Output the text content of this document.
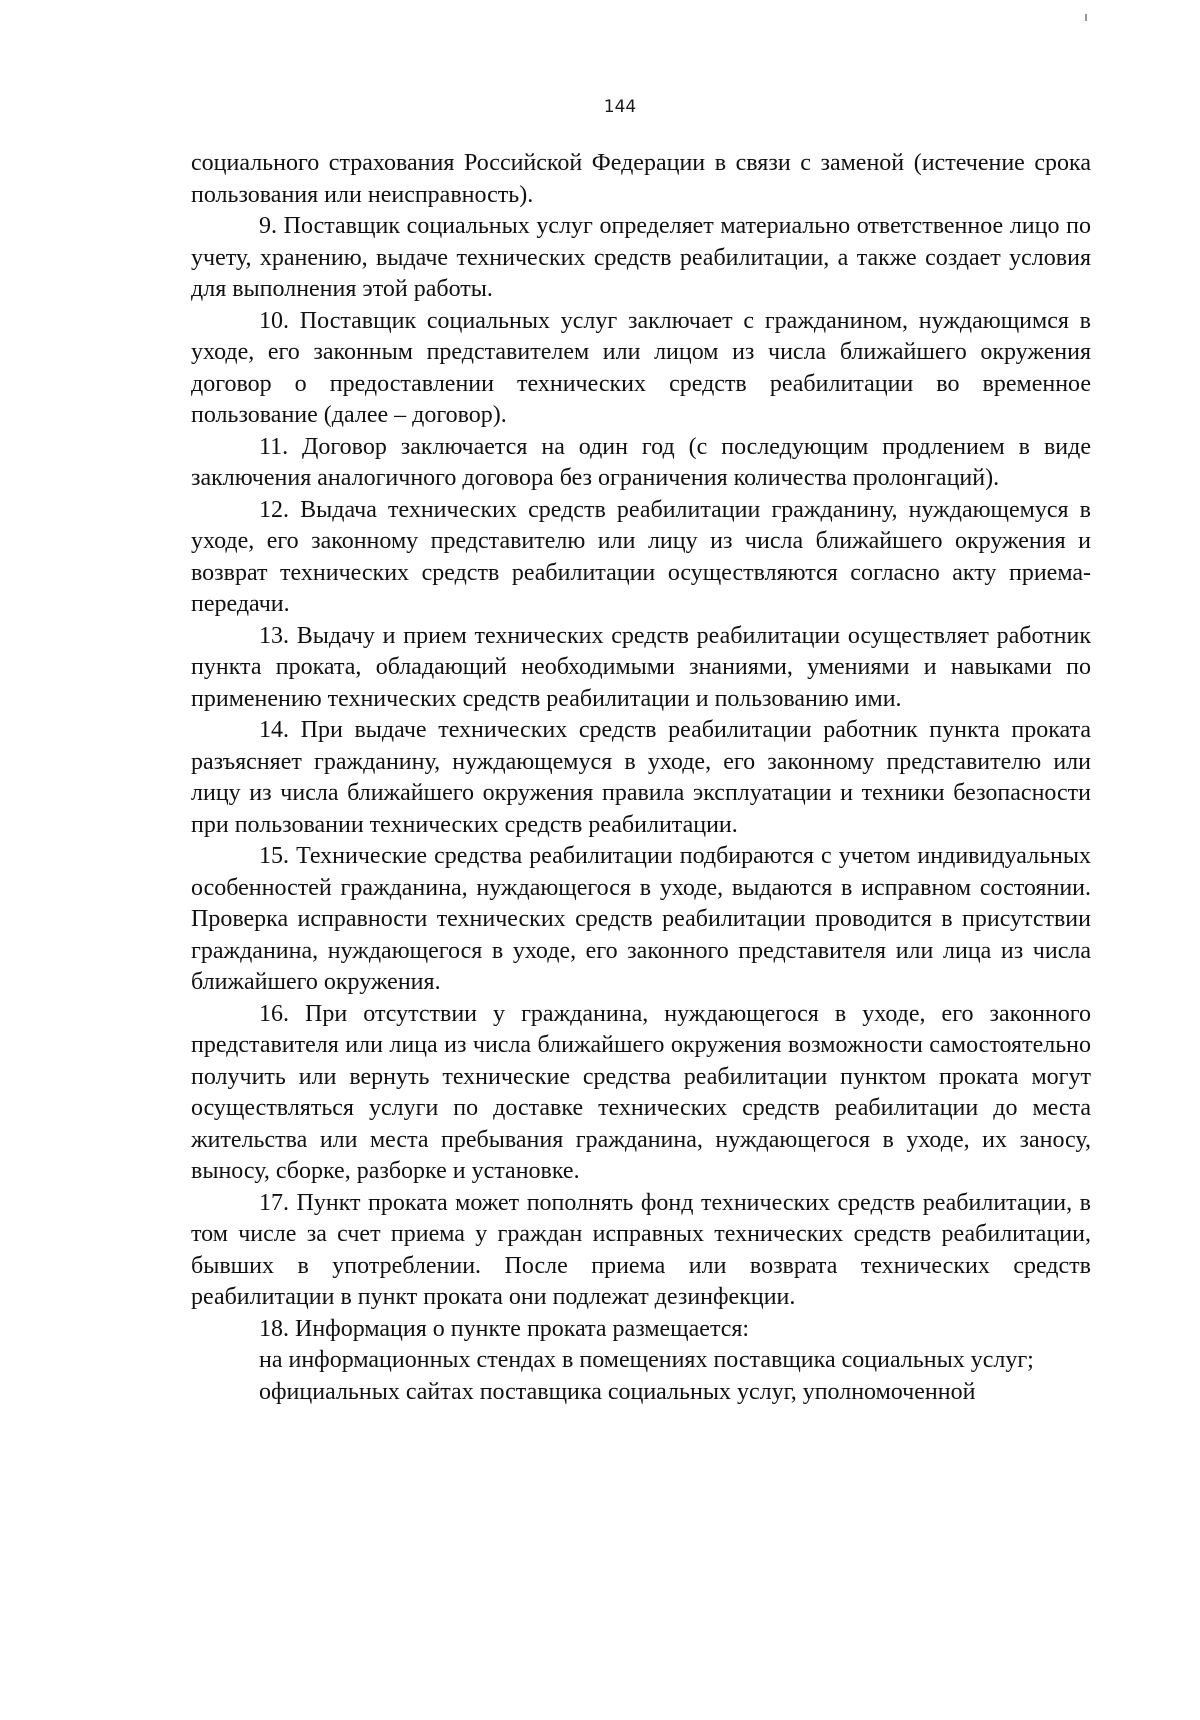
144

социального страхования Российской Федерации в связи с заменой (истечение срока пользования или неисправность).

9. Поставщик социальных услуг определяет материально ответственное лицо по учету, хранению, выдаче технических средств реабилитации, а также создает условия для выполнения этой работы.

10. Поставщик социальных услуг заключает с гражданином, нуждающимся в уходе, его законным представителем или лицом из числа ближайшего окружения договор о предоставлении технических средств реабилитации во временное пользование (далее – договор).

11. Договор заключается на один год (с последующим продлением в виде заключения аналогичного договора без ограничения количества пролонгаций).

12. Выдача технических средств реабилитации гражданину, нуждающемуся в уходе, его законному представителю или лицу из числа ближайшего окружения и возврат технических средств реабилитации осуществляются согласно акту приема-передачи.

13. Выдачу и прием технических средств реабилитации осуществляет работник пункта проката, обладающий необходимыми знаниями, умениями и навыками по применению технических средств реабилитации и пользованию ими.

14. При выдаче технических средств реабилитации работник пункта проката разъясняет гражданину, нуждающемуся в уходе, его законному представителю или лицу из числа ближайшего окружения правила эксплуатации и техники безопасности при пользовании технических средств реабилитации.

15. Технические средства реабилитации подбираются с учетом индивидуальных особенностей гражданина, нуждающегося в уходе, выдаются в исправном состоянии. Проверка исправности технических средств реабилитации проводится в присутствии гражданина, нуждающегося в уходе, его законного представителя или лица из числа ближайшего окружения.

16. При отсутствии у гражданина, нуждающегося в уходе, его законного представителя или лица из числа ближайшего окружения возможности самостоятельно получить или вернуть технические средства реабилитации пунктом проката могут осуществляться услуги по доставке технических средств реабилитации до места жительства или места пребывания гражданина, нуждающегося в уходе, их заносу, выносу, сборке, разборке и установке.

17. Пункт проката может пополнять фонд технических средств реабилитации, в том числе за счет приема у граждан исправных технических средств реабилитации, бывших в употреблении. После приема или возврата технических средств реабилитации в пункт проката они подлежат дезинфекции.

18. Информация о пункте проката размещается:

на информационных стендах в помещениях поставщика социальных услуг;

официальных сайтах поставщика социальных услуг, уполномоченной
